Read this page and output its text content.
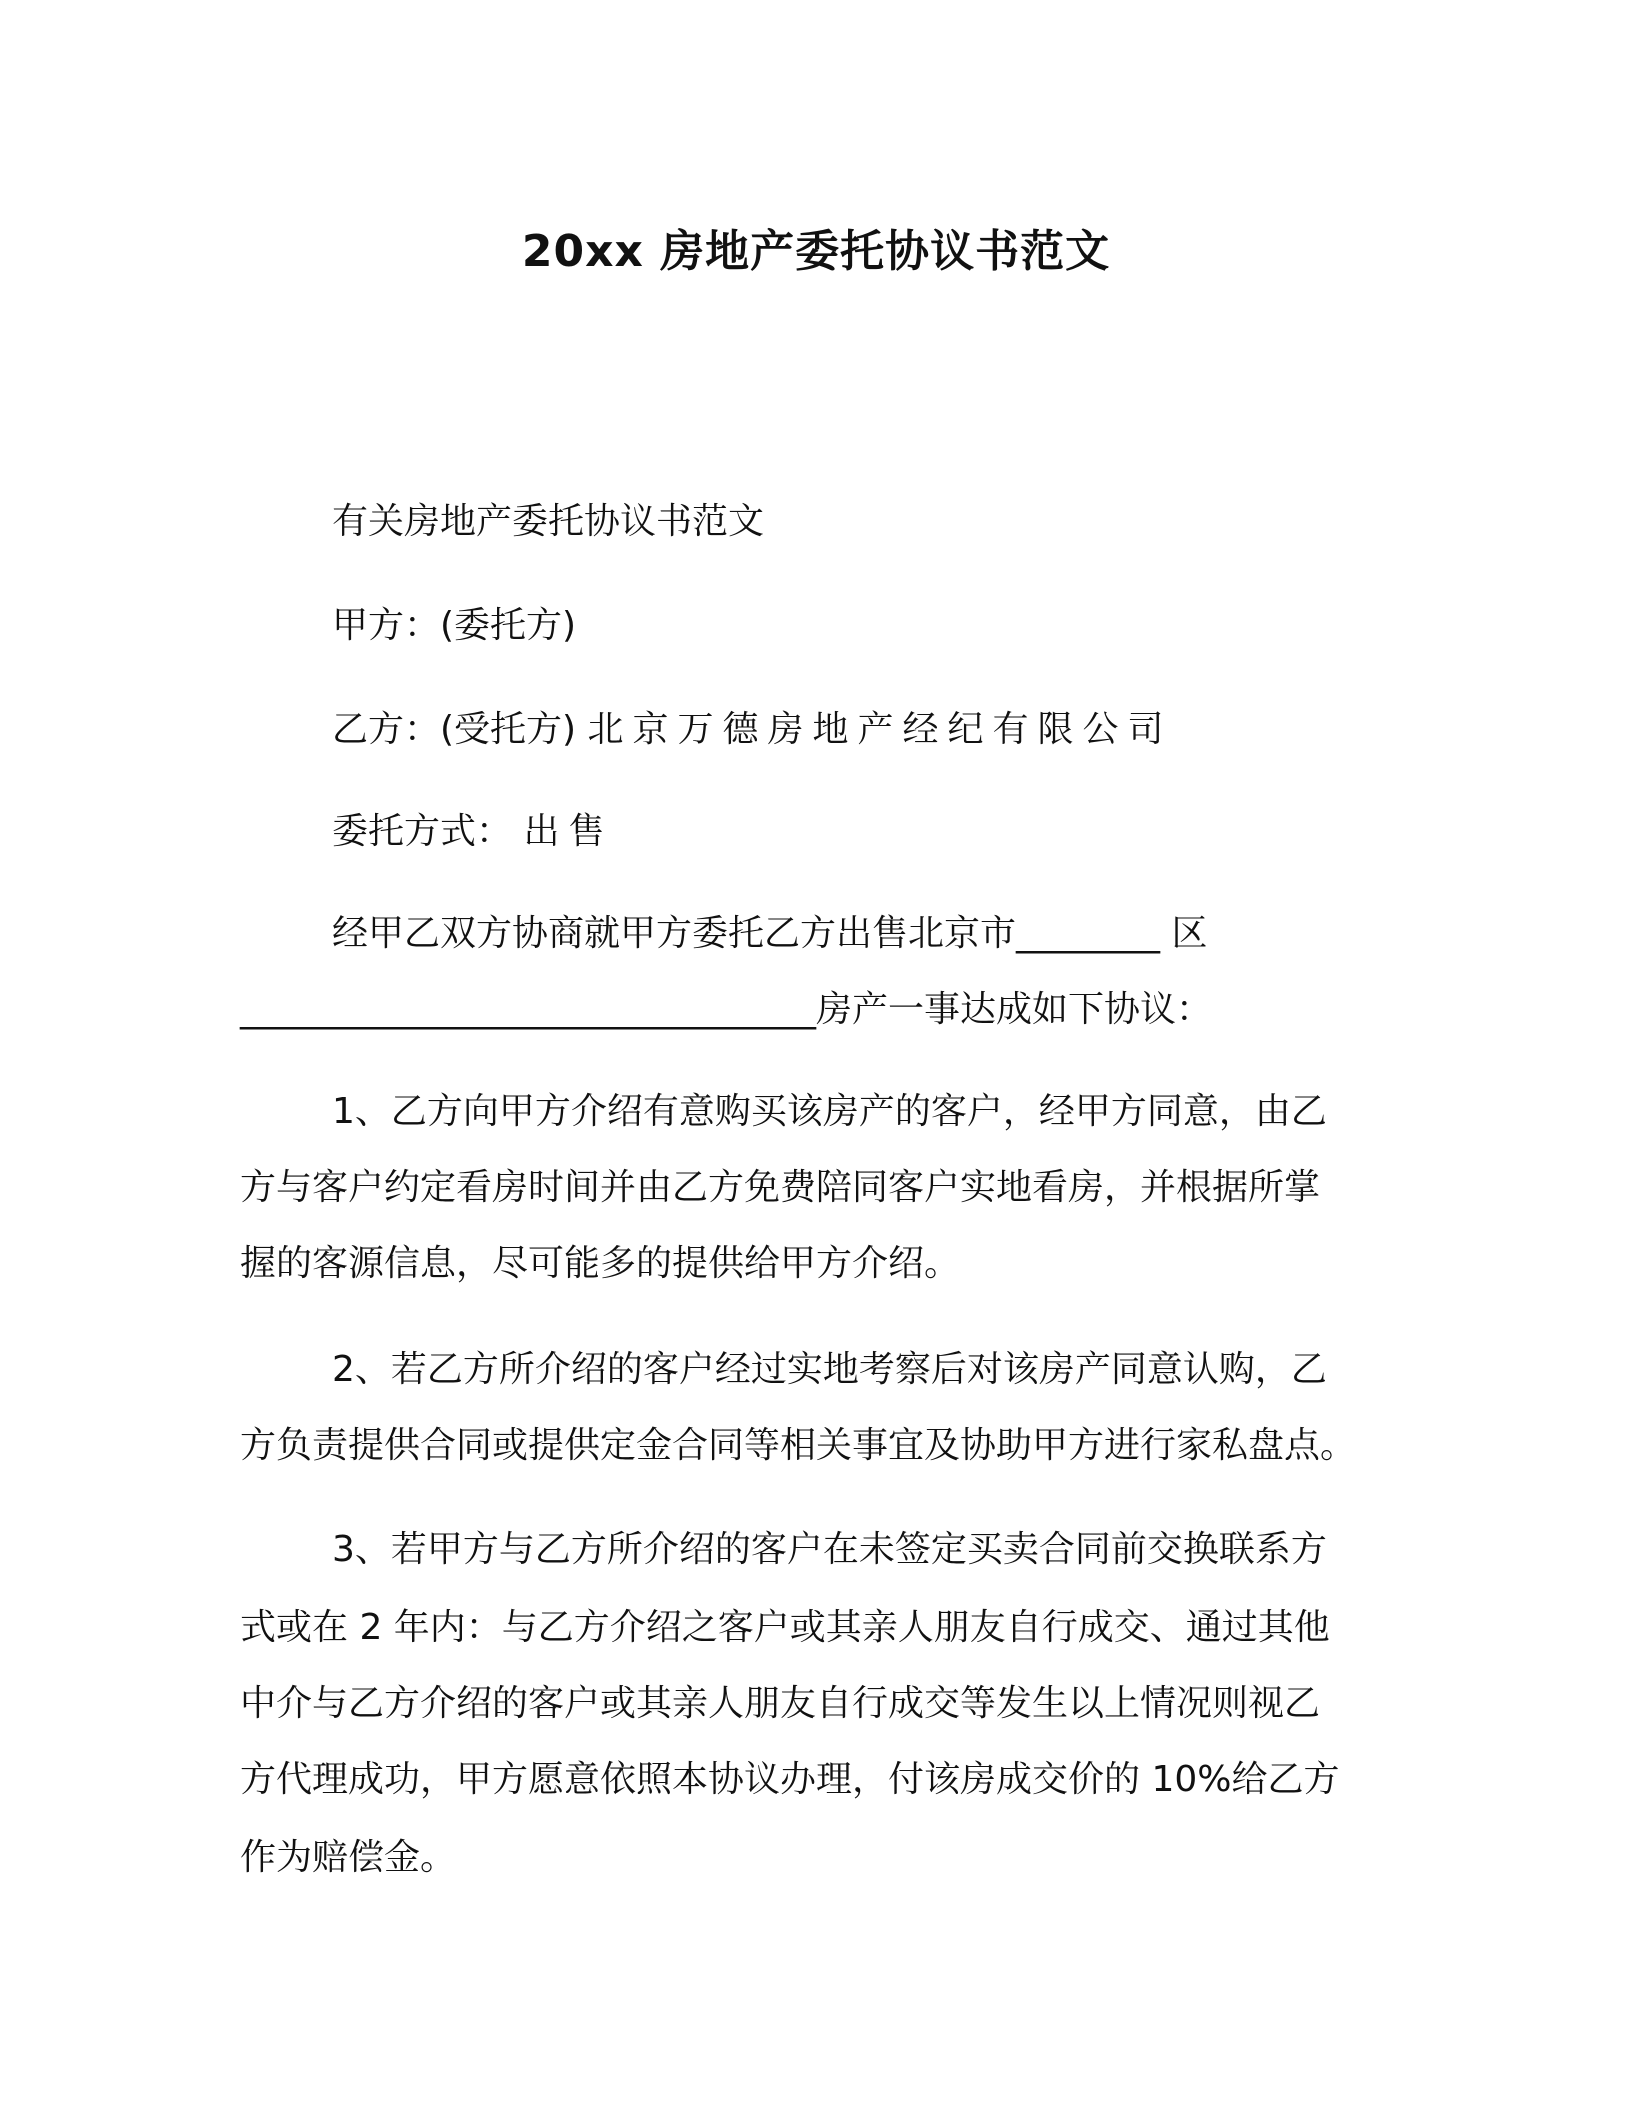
20xx 房地产委托协议书范文
有关房地产委托协议书范文
甲方：(委托方)
乙方：(受托方) 北京万德房地产经纪有限公司
委托方式： 出售
经甲乙双方协商就甲方委托乙方出售北京市________ 区
________________________________房产一事达成如下协议：
1、乙方向甲方介绍有意购买该房产的客户，经甲方同意，由乙
方与客户约定看房时间并由乙方免费陪同客户实地看房，并根据所掌
握的客源信息，尽可能多的提供给甲方介绍。
2、若乙方所介绍的客户经过实地考察后对该房产同意认购，乙
方负责提供合同或提供定金合同等相关事宜及协助甲方进行家私盘点。
3、若甲方与乙方所介绍的客户在未签定买卖合同前交换联系方
式或在 2 年内：与乙方介绍之客户或其亲人朋友自行成交、通过其他
中介与乙方介绍的客户或其亲人朋友自行成交等发生以上情况则视乙
方代理成功，甲方愿意依照本协议办理，付该房成交价的 10%给乙方
作为赔偿金。
